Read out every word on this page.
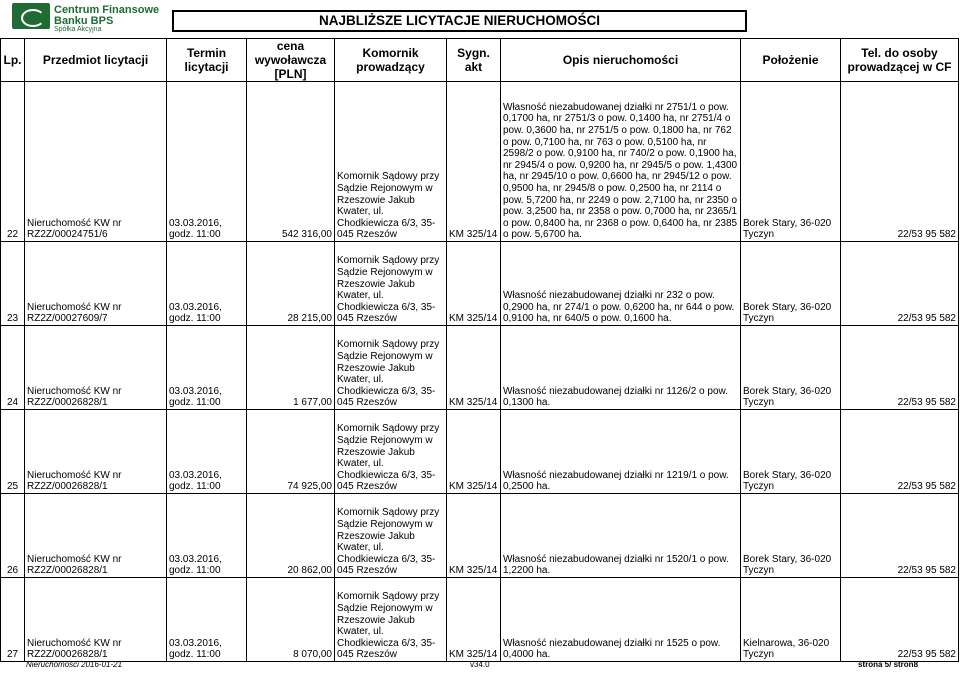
Centrum Finansowe
Banku BPS
Spółka Akcyjna
NAJBLIŻSZE LICYTACJE NIERUCHOMOŚCI
Lp.	Przedmiot licytacji	Termin licytacji	cena wywoławcza [PLN]	Komornik prowadzący	Sygn. akt	Opis nieruchomości	Położenie	Tel. do osoby prowadzącej w CF
22	Nieruchomość KW nr RZ2Z/00024751/6	03.03.2016, godz. 11:00	542 316,00	Komornik Sądowy przy Sądzie Rejonowym w Rzeszowie Jakub Kwater, ul. Chodkiewicza 6/3, 35-045 Rzeszów	KM 325/14	Własność niezabudowanej działki nr 2751/1 o pow. 0,1700 ha, nr 2751/3 o pow. 0,1400 ha, nr 2751/4 o pow. 0,3600 ha, nr 2751/5 o pow. 0,1800 ha, nr 762 o pow. 0,7100 ha, nr 763 o pow. 0,5100 ha, nr 2598/2 o pow. 0,9100 ha, nr 740/2 o pow. 0,1900 ha, nr 2945/4 o pow. 0,9200 ha, nr 2945/5 o pow. 1,4300 ha, nr 2945/10 o pow. 0,6600 ha, nr 2945/12 o pow. 0,9500 ha, nr 2945/8 o pow. 0,2500 ha, nr 2114 o pow. 5,7200 ha, nr 2249 o pow. 2,7100 ha, nr 2350 o pow. 3,2500 ha, nr 2358 o pow. 0,7000 ha, nr 2365/1 o pow. 0,8400 ha, nr 2368 o pow. 0,6400 ha, nr 2385 o pow. 5,6700 ha.	Borek Stary, 36-020 Tyczyn	22/53 95 582
23	Nieruchomość KW nr RZ2Z/00027609/7	03.03.2016, godz. 11:00	28 215,00	Komornik Sądowy przy Sądzie Rejonowym w Rzeszowie Jakub Kwater, ul. Chodkiewicza 6/3, 35-045 Rzeszów	KM 325/14	Własność niezabudowanej działki nr 232 o pow. 0,2900 ha, nr 274/1 o pow. 0,6200 ha, nr 644 o pow. 0,9100 ha, nr 640/5 o pow. 0,1600 ha.	Borek Stary, 36-020 Tyczyn	22/53 95 582
24	Nieruchomość KW nr RZ2Z/00026828/1	03.03.2016, godz. 11:00	1 677,00	Komornik Sądowy przy Sądzie Rejonowym w Rzeszowie Jakub Kwater, ul. Chodkiewicza 6/3, 35-045 Rzeszów	KM 325/14	Własność niezabudowanej działki nr 1126/2 o pow. 0,1300 ha.	Borek Stary, 36-020 Tyczyn	22/53 95 582
25	Nieruchomość KW nr RZ2Z/00026828/1	03.03.2016, godz. 11:00	74 925,00	Komornik Sądowy przy Sądzie Rejonowym w Rzeszowie Jakub Kwater, ul. Chodkiewicza 6/3, 35-045 Rzeszów	KM 325/14	Własność niezabudowanej działki nr 1219/1 o pow. 0,2500 ha.	Borek Stary, 36-020 Tyczyn	22/53 95 582
26	Nieruchomość KW nr RZ2Z/00026828/1	03.03.2016, godz. 11:00	20 862,00	Komornik Sądowy przy Sądzie Rejonowym w Rzeszowie Jakub Kwater, ul. Chodkiewicza 6/3, 35-045 Rzeszów	KM 325/14	Własność niezabudowanej działki nr 1520/1 o pow. 1,2200 ha.	Borek Stary, 36-020 Tyczyn	22/53 95 582
27	Nieruchomość KW nr RZ2Z/00026828/1	03.03.2016, godz. 11:00	8 070,00	Komornik Sądowy przy Sądzie Rejonowym w Rzeszowie Jakub Kwater, ul. Chodkiewicza 6/3, 35-045 Rzeszów	KM 325/14	Własność niezabudowanej działki nr 1525 o pow. 0,4000 ha.	Kielnarowa, 36-020 Tyczyn	22/53 95 582
Nieruchomości 2016-01-21	v34.0	strona 5/ stron8
